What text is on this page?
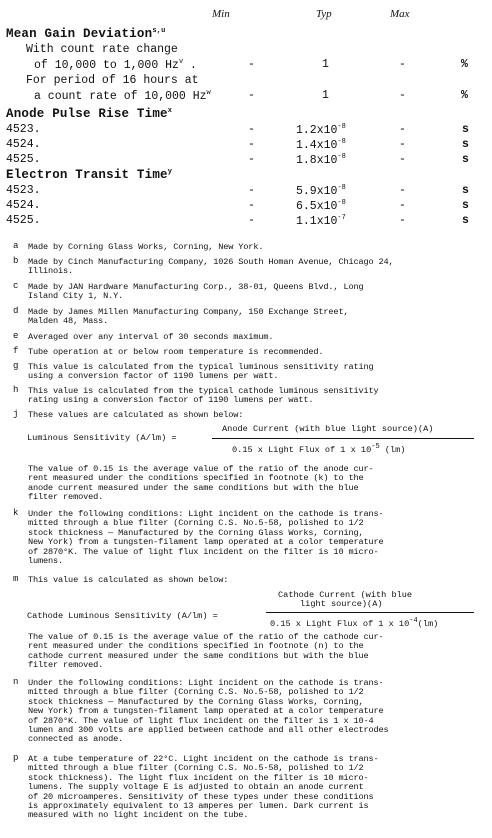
Min	Typ	Max
Mean Gain Deviation$^{s,u}$
With count rate change
of 10,000 to 1,000 Hz$^v$ .	-	1	-	%
For period of 16 hours at
a count rate of 10,000 Hz$^w$	-	1	-	%
Anode Pulse Rise Time$^x$
4523.	-	$1.2x10^{-8}$	-	s
4524.	-	$1.4x10^{-8}$	-	s
4525.	-	$1.8x10^{-8}$	-	s
Electron Transit Time$^y$
4523.	-	$5.9x10^{-8}$	-	s
4524.	-	$6.5x10^{-8}$	-	s
4525.	-	$1.1x10^{-7}$	-	s
a Made by Corning Glass Works, Corning, New York.
b Made by Cinch Manufacturing Company, 1026 South Homan Avenue, Chicago 24,
Illinois.
c Made by JAN Hardware Manufacturing Corp., 38-01, Queens Blvd., Long
Island City 1, N.Y.
d Made by James Millen Manufacturing Company, 150 Exchange Street,
Malden 48, Mass.
e Averaged over any interval of 30 seconds maximum.
f Tube operation at or below room temperature is recommended.
g This value is calculated from the typical luminous sensitivity rating
using a conversion factor of 1190 lumens per watt.
h This value is calculated from the typical cathode luminous sensitivity
rating using a conversion factor of 1190 lumens per watt.
j These values are calculated as shown below:
Luminous Sensitivity (A/lm) =
Anode Current (with blue light source)(A)
0.15 x Light Flux of 1 x $10^{-5}$ (lm)
The value of 0.15 is the average value of the ratio of the anode cur-
rent measured under the conditions specified in footnote (k) to the
anode current measured under the same conditions but with the blue
filter removed.
k Under the following conditions: Light incident on the cathode is trans-
mitted through a blue filter (Corning C.S. No.5-58, polished to 1/2
stock thickness — Manufactured by the Corning Glass Works, Corning,
New York) from a tungsten-filament lamp operated at a color temperature
of 2870°K. The value of light flux incident on the filter is 10 micro-
lumens.
m This value is calculated as shown below:
Cathode Luminous Sensitivity (A/lm) =
Cathode Current (with blue
light source)(A)
0.15 x Light Flux of 1 x $10^{-4}(lm)$
The value of 0.15 is the average value of the ratio of the cathode cur-
rent measured under the conditions specified in footnote (n) to the
cathode current measured under the same conditions but with the blue
filter removed.
n Under the following conditions: Light incident on the cathode is trans-
mitted through a blue filter (Corning C.S. No.5-58, polished to 1/2
stock thickness — Manufactured by the Corning Glass Works, Corning,
New York) from a tungsten-filament lamp operated at a color temperature
of 2870°K. The value of light flux incident on the filter is 1 x 10-4
lumen and 300 volts are applied between cathode and all other electrodes
connected as anode.
p At a tube temperature of 22°C. Light incident on the cathode is trans-
mitted through a blue filter (Corning C.S. No.5-58, polished to 1/2
stock thickness). The light flux incident on the filter is 10 micro-
lumens. The supply voltage E is adjusted to obtain an anode current
of 20 microamperes. Sensitivity of these types under these conditions
is approximately equivalent to 13 amperes per lumen. Dark current is
measured with no light incident on the tube.
